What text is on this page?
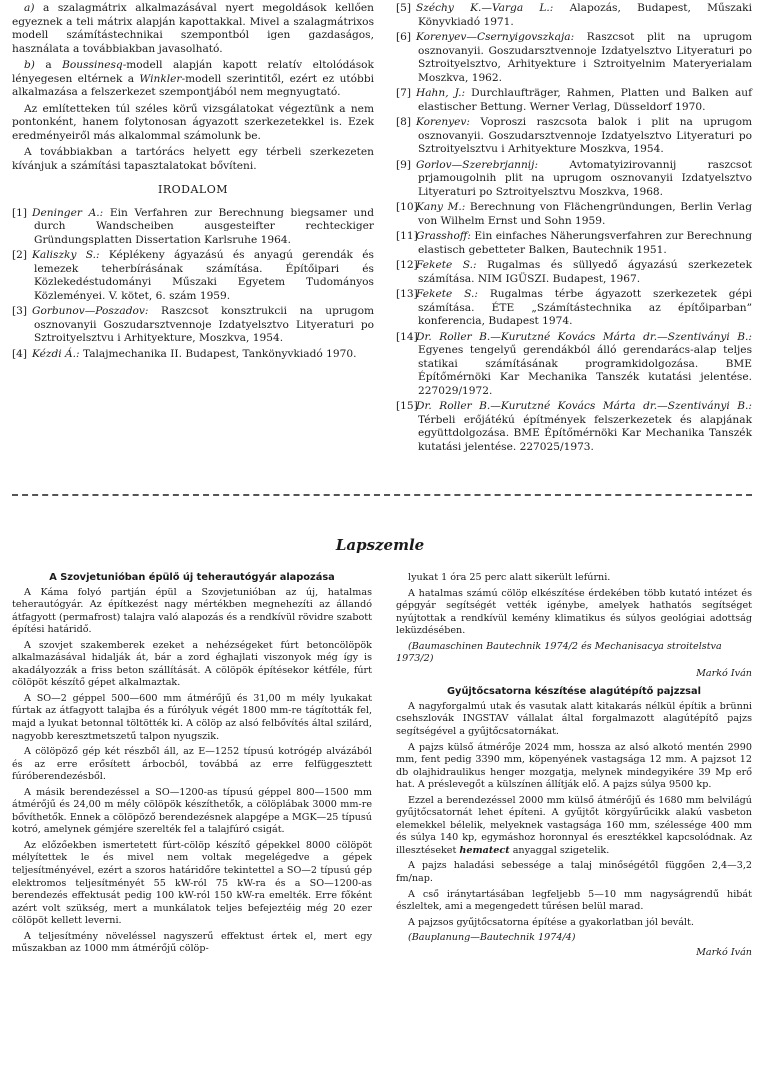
a) a szalagmátrix alkalmazásával nyert megoldások kellően egyeznek a teli mátrix alapján kapottakkal. Mivel a szalagmátrixos modell számítástechnikai szempontból igen gazdaságos, használata a továbbiakban javasolható.

b) a Boussinesq-modell alapján kapott relatív eltolódások lényegesen eltérnek a Winkler-modell szerintitől, ezért ez utóbbi alkalmazása a felszerkezet szempontjából nem megnyugtató.

Az említetteken túl széles körű vizsgálatokat végeztünk a nem pontonként, hanem folytonosan ágyazott szerkezetekkel is. Ezek eredményeiről más alkalommal számolunk be.

A továbbiakban a tartórács helyett egy térbeli szerkezeten kívánjuk a számítási tapasztalatokat bővíteni.

IRODALOM

[1] Deninger A.: Ein Verfahren zur Berechnung biegsamer und durch Wandscheiben ausgesteifter rechteckiger Gründungsplatten Dissertation Karlsruhe 1964.

[2] Kaliszky S.: Képlékeny ágyazású és anyagú gerendák és lemezek teherbírásának számítása. Építőipari és Közlekedéstudományi Műszaki Egyetem Tudományos Közleményei. V. kötet, 6. szám 1959.

[3] Gorbunov—Poszadov: Raszcsot konsztrukcii na uprugom osznovanyii Goszudarsztvennoje Izdatyelsztvo Lityeraturi po Sztroityelsztvu i Arhityekture, Moszkva, 1954.

[4] Kézdi Á.: Talajmechanika II. Budapest, Tankönyvkiadó 1970.

[5] Széchy K.—Varga L.: Alapozás, Budapest, Műszaki Könyvkiadó 1971.

[6] Korenyev—Csernyigovszkaja: Raszcsot plit na uprugom osznovanyii. Goszudarsztvennoje Izdatyelsztvo Lityeraturi po Sztroityelsztvo, Arhityekture i Sztroityelnim Materyerialam Moszkva, 1962.

[7] Hahn, J.: Durchlaufträger, Rahmen, Platten und Balken auf elastischer Bettung. Werner Verlag, Düsseldorf 1970.

[8] Korenyev: Voproszi raszcsota balok i plit na uprugom osznovanyii. Goszudarsztvennoje Izdatyelsztvo Lityeraturi po Sztroityelsztvu i Arhityekture Moszkva, 1954.

[9] Gorlov—Szerebrjannij: Avtomatyizirovannij raszcsot prjamougolnih plit na uprugom osznovanyii Izdatyelsztvo Lityeraturi po Sztroityelsztvu Moszkva, 1968.

[10]Kany M.: Berechnung von Flächengründungen, Berlin Verlag von Wilhelm Ernst und Sohn 1959.

[11]Grasshoff: Ein einfaches Näherungsverfahren zur Berechnung elastisch gebetteter Balken, Bautechnik 1951.

[12]Fekete S.: Rugalmas és süllyedő ágyazású szerkezetek számítása. NIM IGÜSZI. Budapest, 1967.

[13]Fekete S.: Rugalmas térbe ágyazott szerkezetek gépi számítása. ÉTE „Számítástechnika az építőiparban” konferencia, Budapest 1974.

[14]Dr. Roller B.—Kurutzné Kovács Márta dr.—Szentiványi B.: Egyenes tengelyű gerendákból álló gerendarács-alap teljes statikai számításának programkidolgozása. BME Építőmérnöki Kar Mechanika Tanszék kutatási jelentése. 227029/1972.

[15]Dr. Roller B.—Kurutzné Kovács Márta dr.—Szentiványi B.: Térbeli erőjátékú építmények felszerkezetek és alapjának együttdolgozása. BME Építőmérnöki Kar Mechanika Tanszék kutatási jelentése. 227025/1973.

Lapszemle
A Szovjetunióban épülő új teherautógyár alapozása

A Káma folyó partján épül a Szovjetunióban az új, hatalmas teherautógyár. Az építkezést nagy mértékben megnehezíti az állandó átfagyott (permafrost) talajra való alapozás és a rendkívül rövidre szabott építési határidő.

A szovjet szakemberek ezeket a nehézségeket fúrt betoncölöpök alkalmazásával hidalják át, bár a zord éghajlati viszonyok még így is akadályozzák a friss beton szállítását. A cölöpök építésekor kétféle, fúrt cölöpöt készítő gépet alkalmaztak.

A SO—2 géppel 500—600 mm átmérőjű és 31,00 m mély lyukakat fúrtak az átfagyott talajba és a fúrólyuk végét 1800 mm-re tágították fel, majd a lyukat betonnal töltötték ki. A cölöp az alsó felbővítés által szilárd, nagyobb keresztmetszetű talpon nyugszik.

A cölöpöző gép két részből áll, az E—1252 típusú kotrógép alvázából és az erre erősített árbocból, továbbá az erre felfüggesztett fúróberendezésből.

A másik berendezéssel a SO—1200-as típusú géppel 800—1500 mm átmérőjű és 24,00 m mély cölöpök készíthetők, a cölöplábak 3000 mm-re bővíthetők. Ennek a cölöpöző berendezésnek alapgépe a MGK—25 típusú kotró, amelynek gémjére szerelték fel a talajfúró csigát.

Az előzőekben ismertetett fúrt-cölöp készítő gépekkel 8000 cölöpöt mélyítettek le és mivel nem voltak megelégedve a gépek teljesítményével, ezért a szoros határidőre tekintettel a SO—2 típusú gép elektromos teljesítményét 55 kW-ról 75 kW-ra és a SO—1200-as berendezés effektusát pedig 100 kW-ról 150 kW-ra emelték. Erre főként azért volt szükség, mert a munkálatok teljes befejeztéig még 20 ezer cölöpöt kellett leverni.

A teljesítmény növeléssel nagyszerű effektust értek el, mert egy műszakban az 1000 mm átmérőjű cölöp-

lyukat 1 óra 25 perc alatt sikerült lefúrni.

A hatalmas számú cölöp elkészítése érdekében több kutató intézet és gépgyár segítségét vették igénybe, amelyek hathatós segítséget nyújtottak a rendkívül kemény klimatikus és súlyos geológiai adottság leküzdésében.

(Baumaschinen Bautechnik 1974/2 és Mechanisacya stroitelstva 1973/2)
Markó Iván
Gyűjtőcsatorna készítése alagútépítő pajzzsal

A nagyforgalmú utak és vasutak alatt kitakarás nélkül építik a brünni csehszlovák INGSTAV vállalat által forgalmazott alagútépítő pajzs segítségével a gyűjtőcsatornákat.

A pajzs külső átmérője 2024 mm, hossza az alsó alkotó mentén 2990 mm, fent pedig 3390 mm, köpenyének vastagsága 12 mm. A pajzsot 12 db olajhidraulikus henger mozgatja, melynek mindegyikére 39 Mp erő hat. A préslevegőt a külszínen állítják elő. A pajzs súlya 9500 kp.

Ezzel a berendezéssel 2000 mm külső átmérőjű és 1680 mm belvilágú gyűjtőcsatornát lehet építeni. A gyűjtőt körgyűrűcikk alakú vasbeton elemekkel bélelik, melyeknek vastagsága 160 mm, szélessége 400 mm és súlya 140 kp, egymáshoz horonnyal és eresztékkel kapcsolódnak. Az illesztéseket hematect anyaggal szigetelik.

A pajzs haladási sebessége a talaj minőségétől függően 2,4—3,2 fm/nap.

A cső iránytartásában legfeljebb 5—10 mm nagyságrendű hibát észleltek, ami a megengedett tűrésen belül marad.

A pajzsos gyűjtőcsatorna építése a gyakorlatban jól bevált.

(Bauplanung—Bautechnik 1974/4)
Markó Iván
